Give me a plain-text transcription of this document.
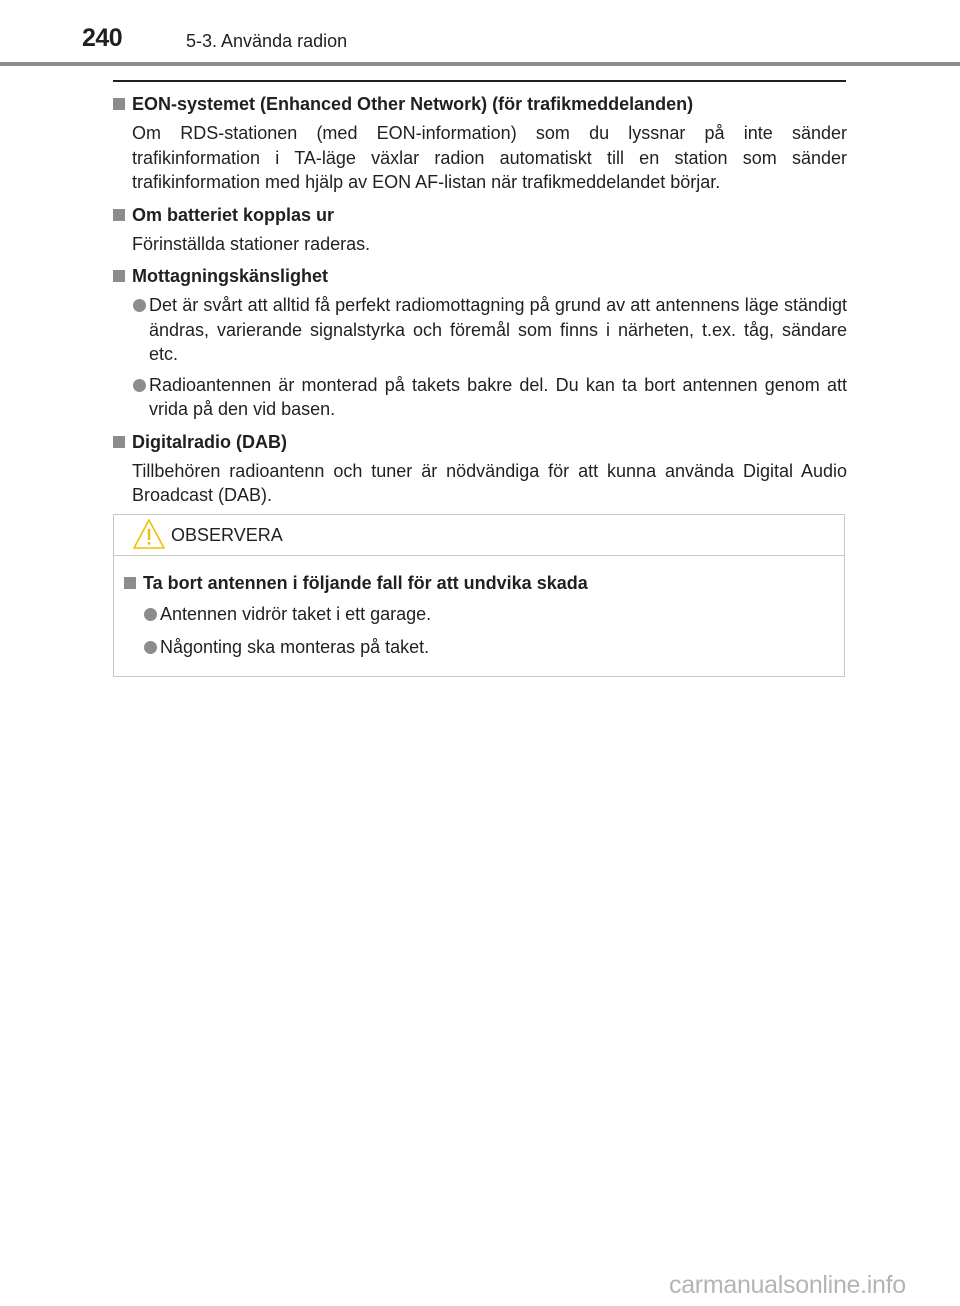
240	5-3. Använda radion
EON-systemet (Enhanced Other Network) (för trafikmeddelanden)
Om RDS-stationen (med EON-information) som du lyssnar på inte sänder trafikinformation i TA-läge växlar radion automatiskt till en station som sänder trafikinformation med hjälp av EON AF-listan när trafikmeddelandet börjar.
Om batteriet kopplas ur
Förinställda stationer raderas.
Mottagningskänslighet
Det är svårt att alltid få perfekt radiomottagning på grund av att antennens läge ständigt ändras, varierande signalstyrka och föremål som finns i närheten, t.ex. tåg, sändare etc.
Radioantennen är monterad på takets bakre del. Du kan ta bort antennen genom att vrida på den vid basen.
Digitalradio (DAB)
Tillbehören radioantenn och tuner är nödvändiga för att kunna använda Digital Audio Broadcast (DAB).
OBSERVERA
Ta bort antennen i följande fall för att undvika skada
Antennen vidrör taket i ett garage.
Någonting ska monteras på taket.
carmanualsonline.info
